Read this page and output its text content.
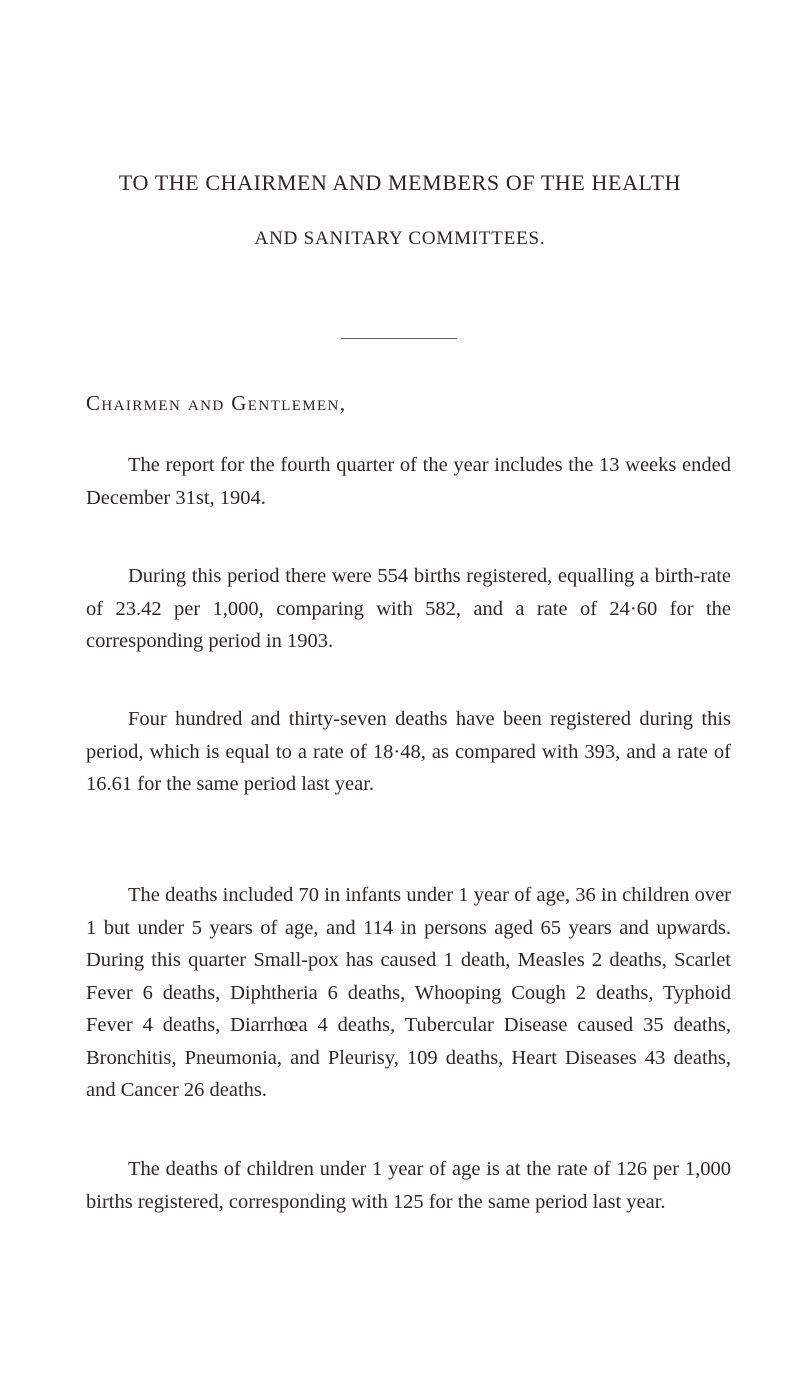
TO THE CHAIRMEN AND MEMBERS OF THE HEALTH
AND SANITARY COMMITTEES.
Chairmen and Gentlemen,

The report for the fourth quarter of the year includes the 13 weeks ended December 31st, 1904.

During this period there were 554 births registered, equalling a birth-rate of 23.42 per 1,000, comparing with 582, and a rate of 24·60 for the corresponding period in 1903.

Four hundred and thirty-seven deaths have been registered during this period, which is equal to a rate of 18·48, as compared with 393, and a rate of 16.61 for the same period last year.

The deaths included 70 in infants under 1 year of age, 36 in children over 1 but under 5 years of age, and 114 in persons aged 65 years and upwards. During this quarter Small-pox has caused 1 death, Measles 2 deaths, Scarlet Fever 6 deaths, Diphtheria 6 deaths, Whooping Cough 2 deaths, Typhoid Fever 4 deaths, Diarrhœa 4 deaths, Tubercular Disease caused 35 deaths, Bronchitis, Pneumonia, and Pleurisy, 109 deaths, Heart Diseases 43 deaths, and Cancer 26 deaths.

The deaths of children under 1 year of age is at the rate of 126 per 1,000 births registered, corresponding with 125 for the same period last year.
